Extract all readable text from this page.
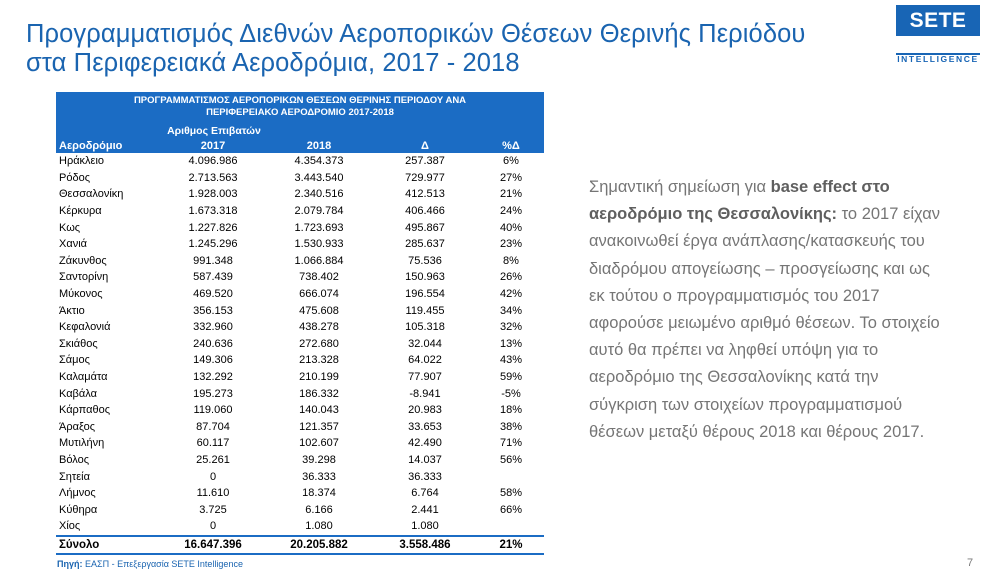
Προγραμματισμός Διεθνών Αεροπορικών Θέσεων Θερινής Περιόδου
στα Περιφερειακά Αεροδρόμια, 2017 - 2018
SETE
INTELLIGENCE
ΠΡΟΓΡΑΜΜΑΤΙΣΜΟΣ ΑΕΡΟΠΟΡΙΚΩΝ ΘΕΣΕΩΝ ΘΕΡΙΝΗΣ ΠΕΡΙΟΔΟΥ ΑΝΑ
ΠΕΡΙΦΕΡΕΙΑΚΟ ΑΕΡΟΔΡΟΜΙΟ 2017-2018				

Αριθμος Επιβατών				
Αεροδρόμιο	2017	2018	Δ	%Δ
Ηράκλειο	4.096.986	4.354.373	257.387	6%
Ρόδος	2.713.563	3.443.540	729.977	27%
Θεσσαλονίκη	1.928.003	2.340.516	412.513	21%
Κέρκυρα	1.673.318	2.079.784	406.466	24%
Κως	1.227.826	1.723.693	495.867	40%
Χανιά	1.245.296	1.530.933	285.637	23%
Ζάκυνθος	991.348	1.066.884	75.536	8%
Σαντορίνη	587.439	738.402	150.963	26%
Μύκονος	469.520	666.074	196.554	42%
Άκτιο	356.153	475.608	119.455	34%
Κεφαλονιά	332.960	438.278	105.318	32%
Σκιάθος	240.636	272.680	32.044	13%
Σάμος	149.306	213.328	64.022	43%
Καλαμάτα	132.292	210.199	77.907	59%
Καβάλα	195.273	186.332	-8.941	-5%
Κάρπαθος	119.060	140.043	20.983	18%
Άραξος	87.704	121.357	33.653	38%
Μυτιλήνη	60.117	102.607	42.490	71%
Βόλος	25.261	39.298	14.037	56%
Σητεία	0	36.333	36.333	
Λήμνος	11.610	18.374	6.764	58%
Κύθηρα	3.725	6.166	2.441	66%
Χίος	0	1.080	1.080	
Σύνολο	16.647.396	20.205.882	3.558.486	21%
Πηγή: ΕΑΣΠ - Επεξεργασία SETE Intelligence
Σημαντική σημείωση για base effect στο αεροδρόμιο της Θεσσαλονίκης: το 2017 είχαν ανακοινωθεί έργα ανάπλασης/κατασκευής του διαδρόμου απογείωσης – προσγείωσης και ως εκ τούτου ο προγραμματισμός του 2017 αφορούσε μειωμένο αριθμό θέσεων. Το στοιχείο αυτό θα πρέπει να ληφθεί υπόψη για το αεροδρόμιο της Θεσσαλονίκης κατά την σύγκριση των στοιχείων προγραμματισμού θέσεων μεταξύ θέρους 2018 και θέρους 2017.
7
